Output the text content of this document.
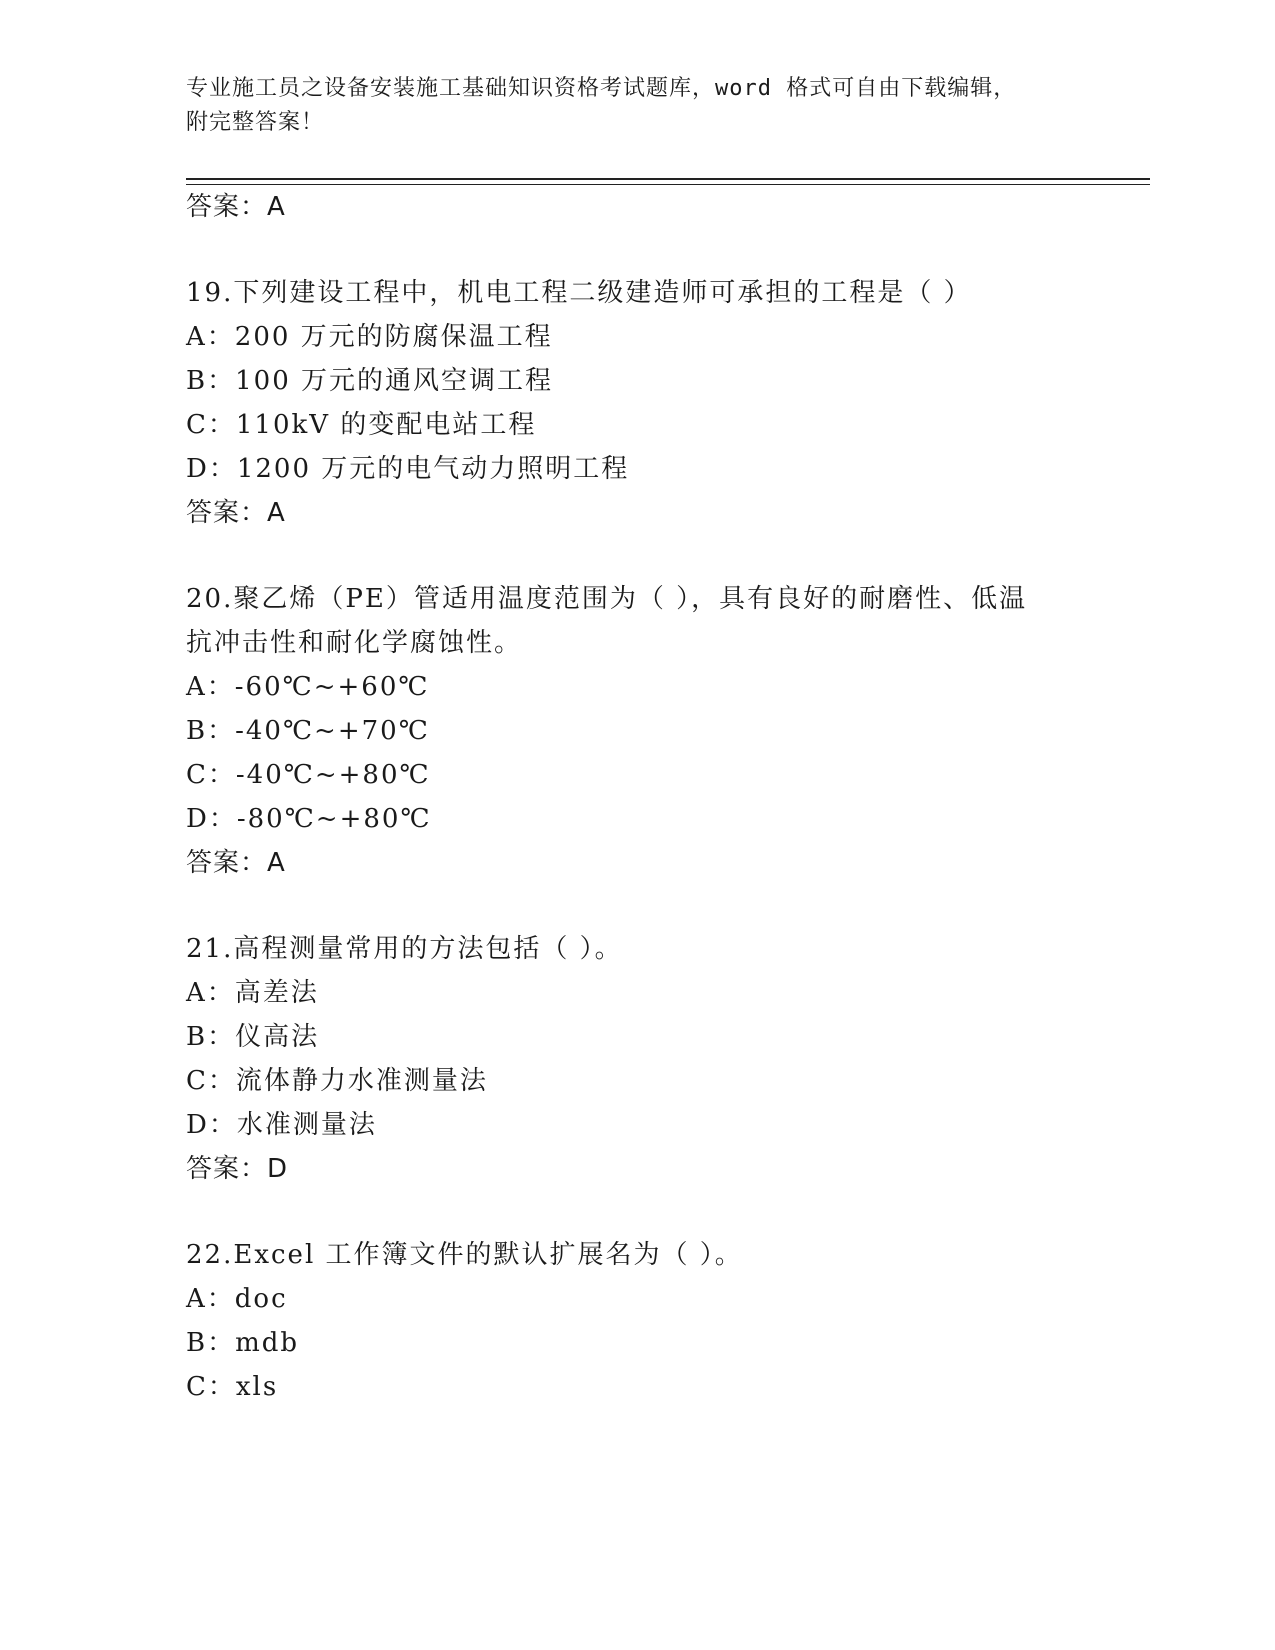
专业施工员之设备安装施工基础知识资格考试题库，word 格式可自由下载编辑，
附完整答案！
答案：A
19.下列建设工程中，机电工程二级建造师可承担的工程是（ ）
A：200 万元的防腐保温工程
B：100 万元的通风空调工程
C：110kV 的变配电站工程
D：1200 万元的电气动力照明工程
答案：A
20.聚乙烯（PE）管适用温度范围为（ ），具有良好的耐磨性、低温
抗冲击性和耐化学腐蚀性。
A：-60℃~+60℃
B：-40℃~+70℃
C：-40℃~+80℃
D：-80℃~+80℃
答案：A
21.高程测量常用的方法包括（ ）。
A：高差法
B：仪高法
C：流体静力水准测量法
D：水准测量法
答案：D
22.Excel 工作簿文件的默认扩展名为（ ）。
A：doc
B：mdb
C：xls
